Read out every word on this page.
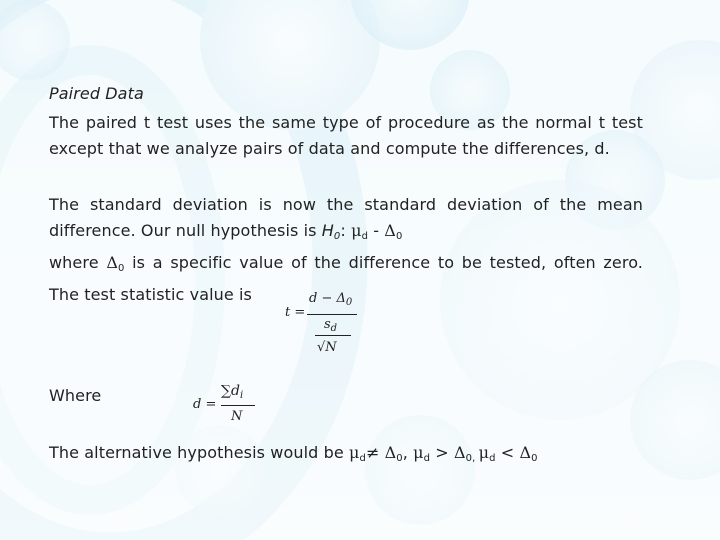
Paired Data
The paired t test uses the same type of procedure as the normal t test except that we analyze pairs of data and compute the differences, d.
The standard deviation is now the standard deviation of the mean difference. Our null hypothesis is $H_0$: $\mu_d - \Delta_0$
where $\Delta_0$ is a specific value of the difference to be tested, often zero. The test statistic value is
t =
$d - \Delta_0$
$s_d$
√N
Where	d =
$\sum d_i$
N
The alternative hypothesis would be $\mu_d\ne \Delta_0$, $\mu_d > \Delta_{0,}$ $\mu_d < \Delta_0$
